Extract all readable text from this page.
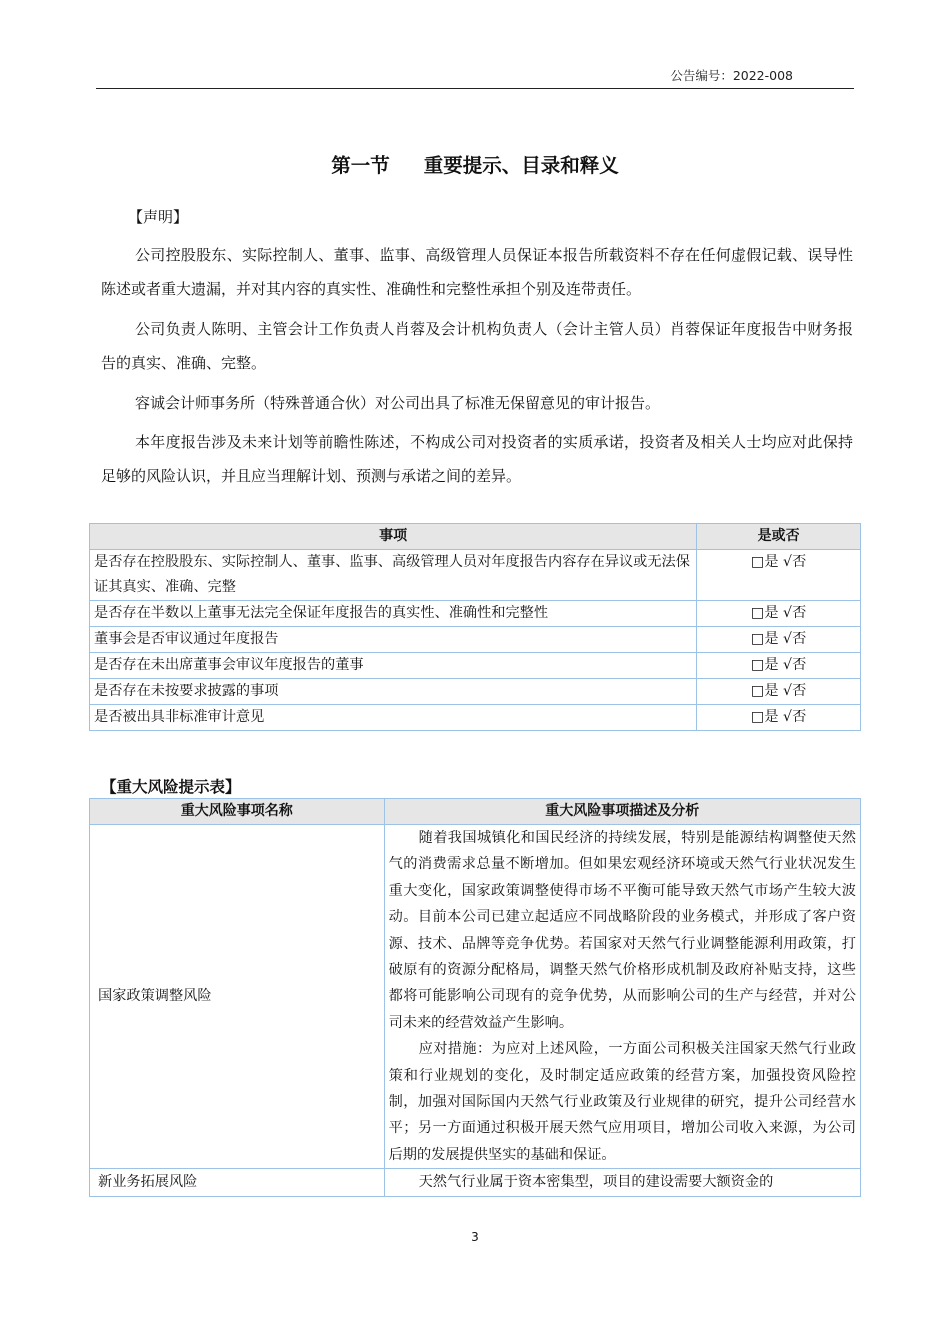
公告编号：2022-008
第一节 重要提示、目录和释义
【声明】

公司控股股东、实际控制人、董事、监事、高级管理人员保证本报告所载资料不存在任何虚假记载、误导性陈述或者重大遗漏，并对其内容的真实性、准确性和完整性承担个别及连带责任。

公司负责人陈明、主管会计工作负责人肖蓉及会计机构负责人（会计主管人员）肖蓉保证年度报告中财务报告的真实、准确、完整。

容诚会计师事务所（特殊普通合伙）对公司出具了标准无保留意见的审计报告。

本年度报告涉及未来计划等前瞻性陈述，不构成公司对投资者的实质承诺，投资者及相关人士均应对此保持足够的风险认识，并且应当理解计划、预测与承诺之间的差异。

事项	是或否
是否存在控股股东、实际控制人、董事、监事、高级管理人员对年度报告内容存在异议或无法保证其真实、准确、完整	□是 √否
是否存在半数以上董事无法完全保证年度报告的真实性、准确性和完整性	□是 √否
董事会是否审议通过年度报告	□是 √否
是否存在未出席董事会审议年度报告的董事	□是 √否
是否存在未按要求披露的事项	□是 √否
是否被出具非标准审计意见	□是 √否
【重大风险提示表】
重大风险事项名称	重大风险事项描述及分析
国家政策调整风险	随着我国城镇化和国民经济的持续发展，特别是能源结构调整使天然气的消费需求总量不断增加。但如果宏观经济环境或天然气行业状况发生重大变化，国家政策调整使得市场不平衡可能导致天然气市场产生较大波动。目前本公司已建立起适应不同战略阶段的业务模式，并形成了客户资源、技术、品牌等竞争优势。若国家对天然气行业调整能源利用政策，打破原有的资源分配格局，调整天然气价格形成机制及政府补贴支持，这些都将可能影响公司现有的竞争优势，从而影响公司的生产与经营，并对公司未来的经营效益产生影响。

应对措施：为应对上述风险，一方面公司积极关注国家天然气行业政策和行业规划的变化，及时制定适应政策的经营方案，加强投资风险控制，加强对国际国内天然气行业政策及行业规律的研究，提升公司经营水平；另一方面通过积极开展天然气应用项目，增加公司收入来源，为公司后期的发展提供坚实的基础和保证。

新业务拓展风险	天然气行业属于资本密集型，项目的建设需要大额资金的

3
